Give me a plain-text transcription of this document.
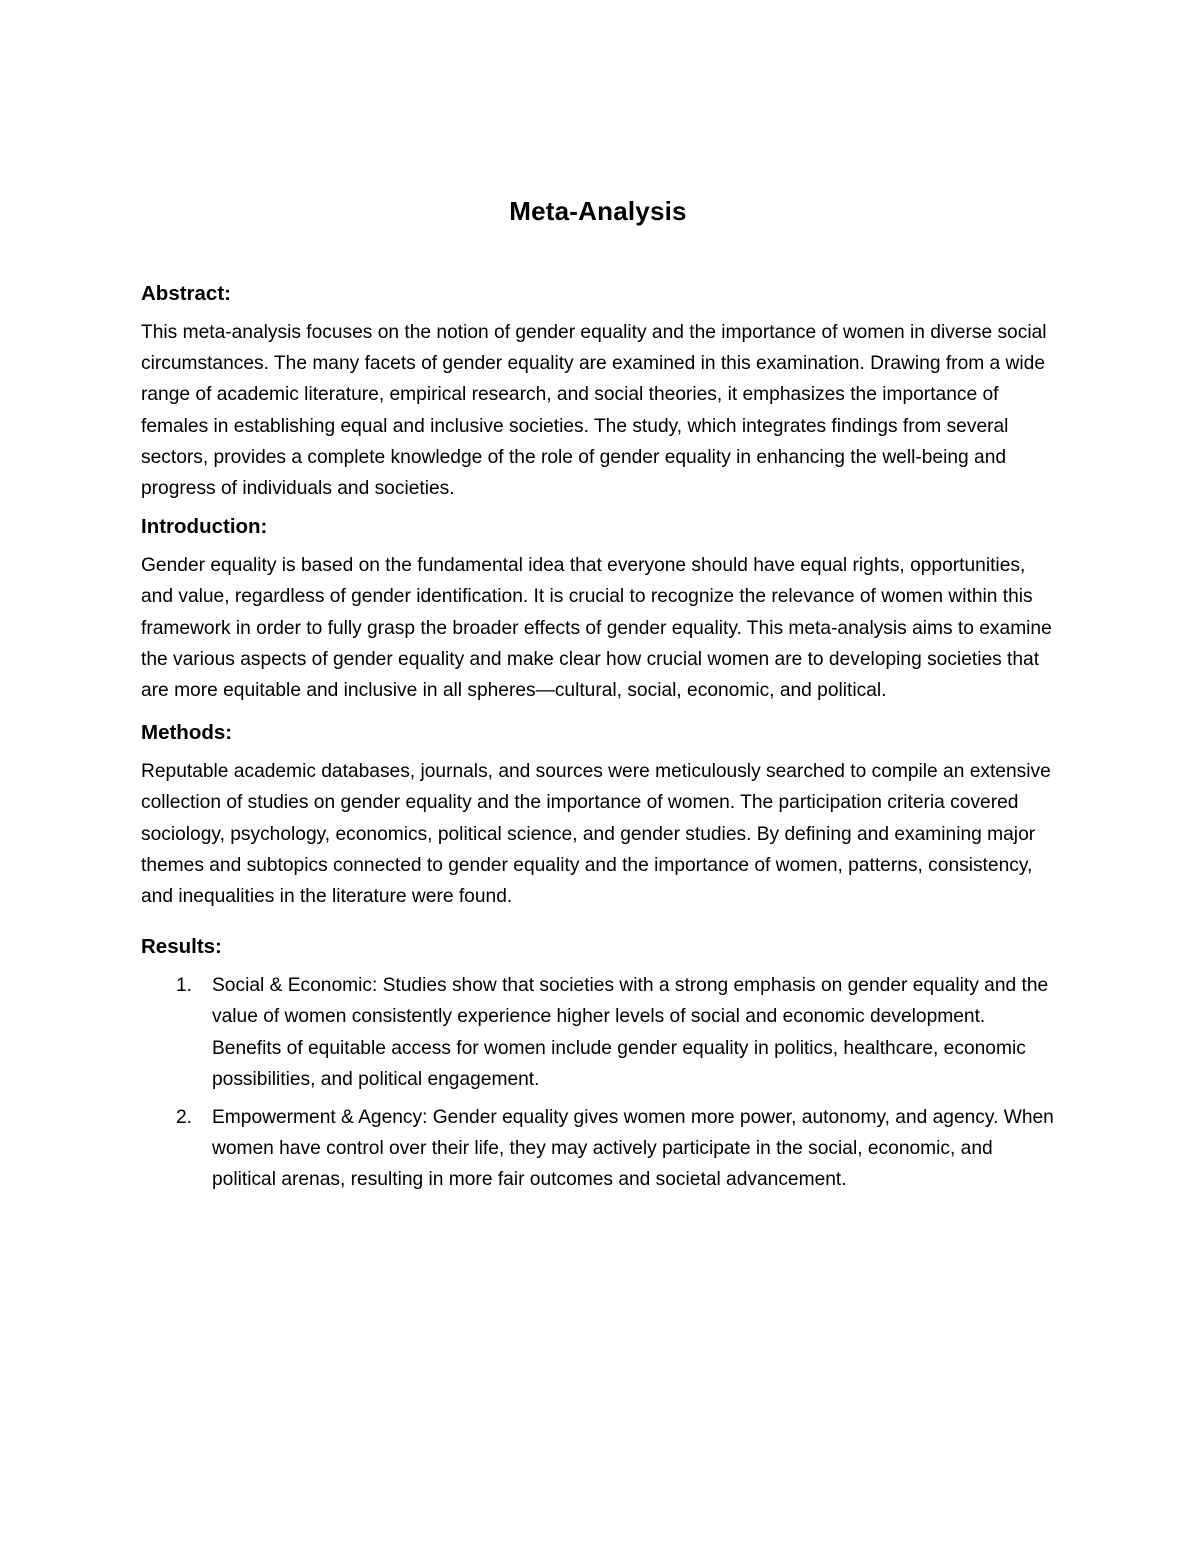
Meta-Analysis
Abstract:

This meta-analysis focuses on the notion of gender equality and the importance of women in diverse social circumstances. The many facets of gender equality are examined in this examination. Drawing from a wide range of academic literature, empirical research, and social theories, it emphasizes the importance of females in establishing equal and inclusive societies. The study, which integrates findings from several sectors, provides a complete knowledge of the role of gender equality in enhancing the well-being and progress of individuals and societies.

Introduction:

Gender equality is based on the fundamental idea that everyone should have equal rights, opportunities, and value, regardless of gender identification. It is crucial to recognize the relevance of women within this framework in order to fully grasp the broader effects of gender equality. This meta-analysis aims to examine the various aspects of gender equality and make clear how crucial women are to developing societies that are more equitable and inclusive in all spheres—cultural, social, economic, and political.

Methods:

Reputable academic databases, journals, and sources were meticulously searched to compile an extensive collection of studies on gender equality and the importance of women. The participation criteria covered sociology, psychology, economics, political science, and gender studies. By defining and examining major themes and subtopics connected to gender equality and the importance of women, patterns, consistency, and inequalities in the literature were found.

Results:
1. Social & Economic: Studies show that societies with a strong emphasis on gender equality and the value of women consistently experience higher levels of social and economic development. Benefits of equitable access for women include gender equality in politics, healthcare, economic possibilities, and political engagement.
2. Empowerment & Agency: Gender equality gives women more power, autonomy, and agency. When women have control over their life, they may actively participate in the social, economic, and political arenas, resulting in more fair outcomes and societal advancement.
